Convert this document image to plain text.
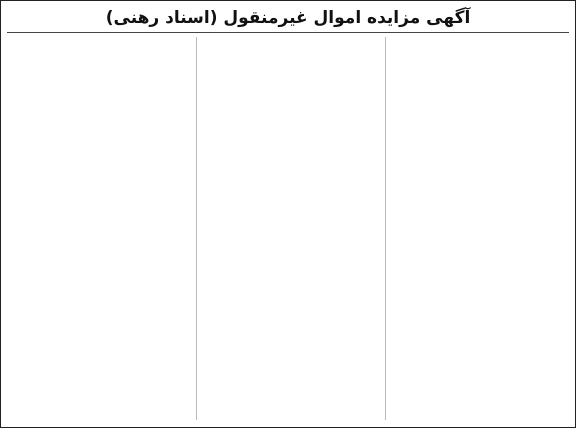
آگهی مزایده اموال غیرمنقول (اسناد رهنی)
